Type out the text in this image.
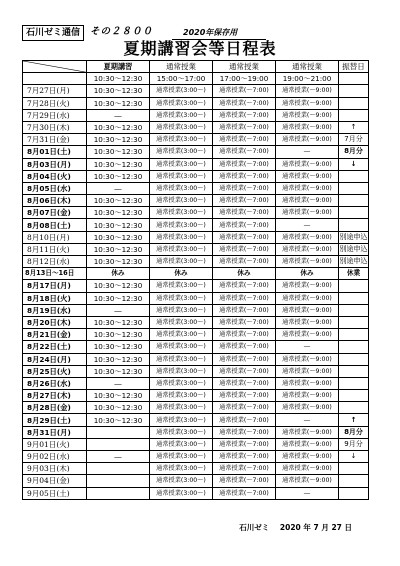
石川ゼミ通信	その２８００	2020年保存用
夏期講習会等日程表
	夏期講習	通常授業	通常授業	通常授業	振替日
	10:30～12:30	15:00～17:00	17:00～19:00	19:00～21:00	
7月27日(月)	10:30～12:30	通常授業(3:00～)	通常授業(～7:00)	通常授業(～9:00)	
7月28日(火)	10:30～12:30	通常授業(3:00～)	通常授業(～7:00)	通常授業(～9:00)	
7月29日(水)	―	通常授業(3:00～)	通常授業(～7:00)	通常授業(～9:00)	
7月30日(木)	10:30～12:30	通常授業(3:00～)	通常授業(～7:00)	通常授業(～9:00)	↑
7月31日(金)	10:30～12:30	通常授業(3:00～)	通常授業(～7:00)	通常授業(～9:00)	7月分
8月01日(土)	10:30～12:30	通常授業(3:00～)	通常授業(～7:00)	―	8月分
8月03日(月)	10:30～12:30	通常授業(3:00～)	通常授業(～7:00)	通常授業(～9:00)	↓
8月04日(火)	10:30～12:30	通常授業(3:00～)	通常授業(～7:00)	通常授業(～9:00)	
8月05日(水)	―	通常授業(3:00～)	通常授業(～7:00)	通常授業(～9:00)	
8月06日(木)	10:30～12:30	通常授業(3:00～)	通常授業(～7:00)	通常授業(～9:00)	
8月07日(金)	10:30～12:30	通常授業(3:00～)	通常授業(～7:00)	通常授業(～9:00)	
8月08日(土)	10:30～12:30	通常授業(3:00～)	通常授業(～7:00)	―	
8月10日(月)	10:30～12:30	通常授業(3:00～)	通常授業(～7:00)	通常授業(～9:00)	別途申込
8月11日(火)	10:30～12:30	通常授業(3:00～)	通常授業(～7:00)	通常授業(～9:00)	別途申込
8月12日(水)	10:30～12:30	通常授業(3:00～)	通常授業(～7:00)	通常授業(～9:00)	別途申込
8月13日～16日	休み	休み	休み	休み	休業
8月17日(月)	10:30～12:30	通常授業(3:00～)	通常授業(～7:00)	通常授業(～9:00)	
8月18日(火)	10:30～12:30	通常授業(3:00～)	通常授業(～7:00)	通常授業(～9:00)	
8月19日(水)	―	通常授業(3:00～)	通常授業(～7:00)	通常授業(～9:00)	
8月20日(木)	10:30～12:30	通常授業(3:00～)	通常授業(～7:00)	通常授業(～9:00)	
8月21日(金)	10:30～12:30	通常授業(3:00～)	通常授業(～7:00)	通常授業(～9:00)	
8月22日(土)	10:30～12:30	通常授業(3:00～)	通常授業(～7:00)	―	
8月24日(月)	10:30～12:30	通常授業(3:00～)	通常授業(～7:00)	通常授業(～9:00)	
8月25日(火)	10:30～12:30	通常授業(3:00～)	通常授業(～7:00)	通常授業(～9:00)	
8月26日(水)	―	通常授業(3:00～)	通常授業(～7:00)	通常授業(～9:00)	
8月27日(木)	10:30～12:30	通常授業(3:00～)	通常授業(～7:00)	通常授業(～9:00)	
8月28日(金)	10:30～12:30	通常授業(3:00～)	通常授業(～7:00)	通常授業(～9:00)	
8月29日(土)	10:30～12:30	通常授業(3:00～)	通常授業(～7:00)	―	↑
8月31日(月)		通常授業(3:00～)	通常授業(～7:00)	通常授業(～9:00)	8月分
9月01日(火)		通常授業(3:00～)	通常授業(～7:00)	通常授業(～9:00)	9月分
9月02日(水)	―	通常授業(3:00～)	通常授業(～7:00)	通常授業(～9:00)	↓
9月03日(木)		通常授業(3:00～)	通常授業(～7:00)	通常授業(～9:00)	
9月04日(金)		通常授業(3:00～)	通常授業(～7:00)	通常授業(～9:00)	
9月05日(土)		通常授業(3:00～)	通常授業(～7:00)	―	
石川ゼミ 2020 年 7 月 27 日
